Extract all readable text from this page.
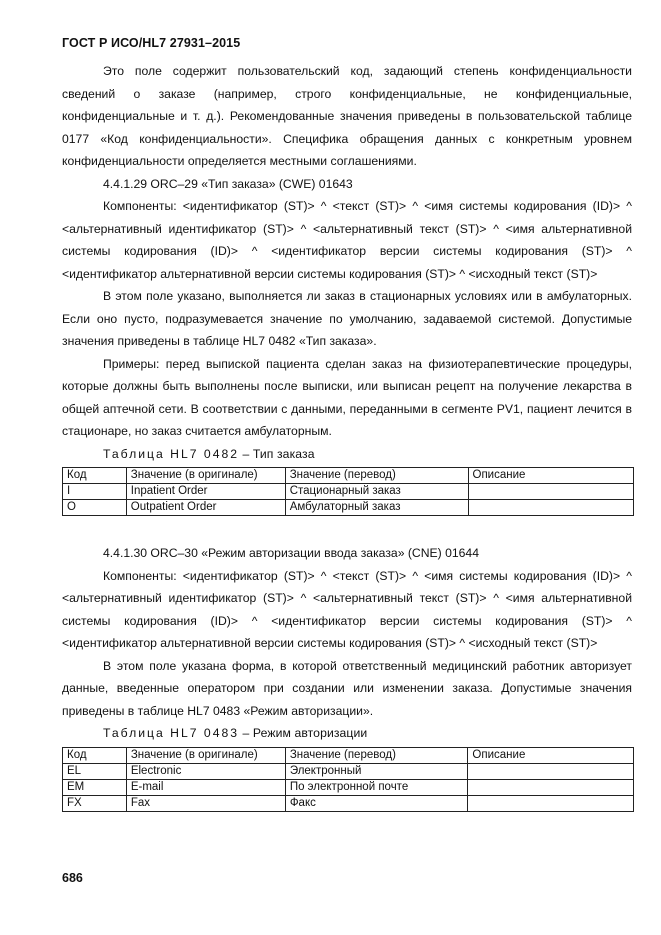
ГОСТ Р ИСО/HL7 27931–2015

Это поле содержит пользовательский код, задающий степень конфиденциальности сведений о заказе (например, строго конфиденциальные, не конфиденциальные, конфиденциальные и т. д.). Рекомендованные значения приведены в пользовательской таблице 0177 «Код конфиденциальности». Специфика обращения данных с конкретным уровнем конфиденциальности определяется местными соглашениями.

4.4.1.29 ORC–29 «Тип заказа» (CWE) 01643

Компоненты: <идентификатор (ST)> ^ <текст (ST)> ^ <имя системы кодирования (ID)> ^ <альтернативный идентификатор (ST)> ^ <альтернативный текст (ST)> ^ <имя альтернативной системы кодирования (ID)> ^ <идентификатор версии системы кодирования (ST)> ^ <идентификатор альтернативной версии системы кодирования (ST)> ^ <исходный текст (ST)>

В этом поле указано, выполняется ли заказ в стационарных условиях или в амбулаторных. Если оно пусто, подразумевается значение по умолчанию, задаваемой системой. Допустимые значения приведены в таблице HL7 0482 «Тип заказа».

Примеры: перед выпиской пациента сделан заказ на физиотерапевтические процедуры, которые должны быть выполнены после выписки, или выписан рецепт на получение лекарства в общей аптечной сети. В соответствии с данными, переданными в сегменте PV1, пациент лечится в стационаре, но заказ считается амбулаторным.

Таблица HL7 0482 – Тип заказа
Код	Значение (в оригинале)	Значение (перевод)	Описание
I	Inpatient Order	Стационарный заказ	
O	Outpatient Order	Амбулаторный заказ	
4.4.1.30 ORC–30 «Режим авторизации ввода заказа» (CNE) 01644

Компоненты: <идентификатор (ST)> ^ <текст (ST)> ^ <имя системы кодирования (ID)> ^ <альтернативный идентификатор (ST)> ^ <альтернативный текст (ST)> ^ <имя альтернативной системы кодирования (ID)> ^ <идентификатор версии системы кодирования (ST)> ^ <идентификатор альтернативной версии системы кодирования (ST)> ^ <исходный текст (ST)>

В этом поле указана форма, в которой ответственный медицинский работник авторизует данные, введенные оператором при создании или изменении заказа. Допустимые значения приведены в таблице HL7 0483 «Режим авторизации».

Таблица HL7 0483 – Режим авторизации
Код	Значение (в оригинале)	Значение (перевод)	Описание
EL	Electronic	Электронный	
EM	E-mail	По электронной почте	
FX	Fax	Факс	
686
